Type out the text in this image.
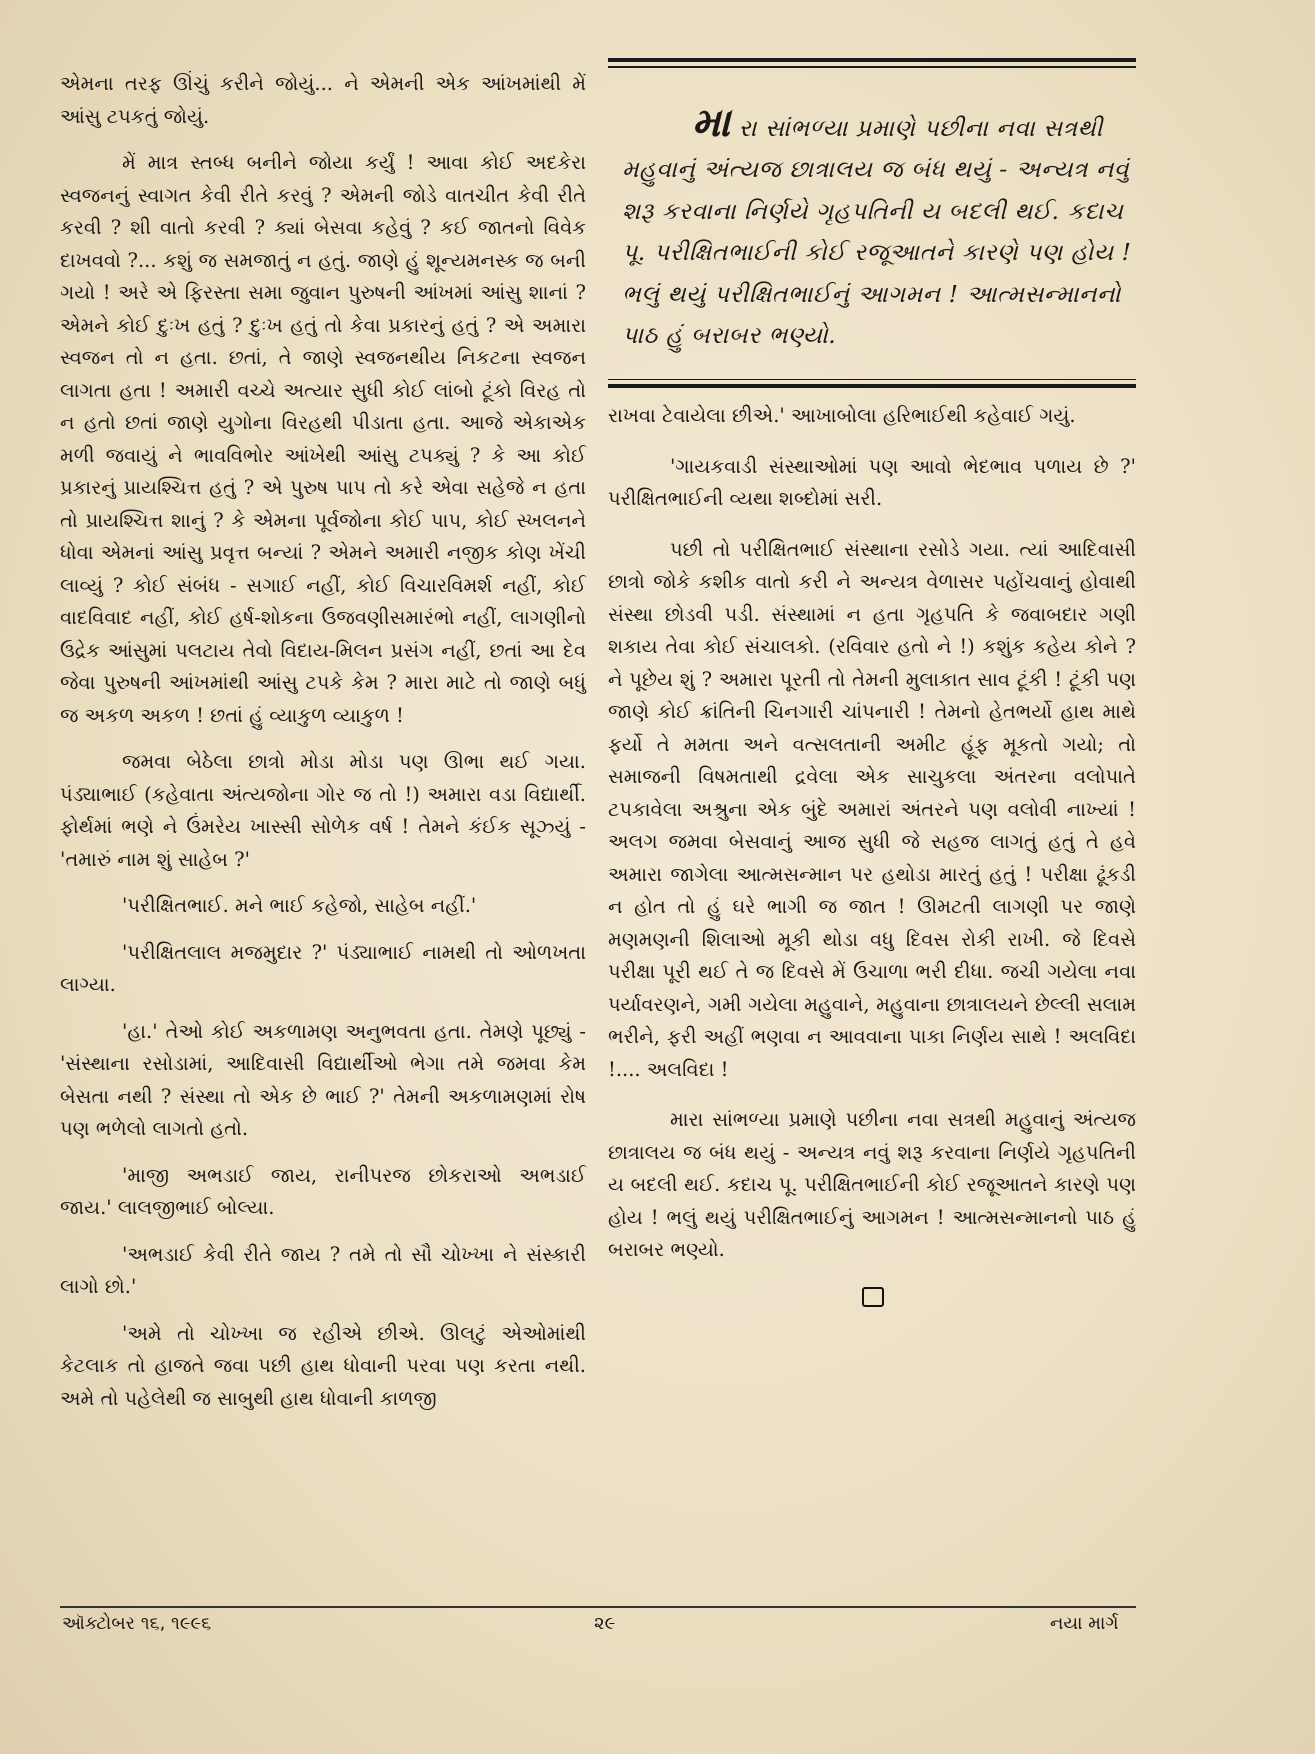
એમના તરફ ઊંચું કરીને જોયું... ને એમની એક આંખમાંથી મેં આંસુ ટપકતું જોયું.

મેં માત્ર સ્તબ્ધ બનીને જોયા કર્યું ! આવા કોઈ અદકેરા સ્વજનનું સ્વાગત કેવી રીતે કરવું ? એમની જોડે વાતચીત કેવી રીતે કરવી ? શી વાતો કરવી ? ક્યાં બેસવા કહેવું ? કઈ જાતનો વિવેક દાખવવો ?... કશું જ સમજાતું ન હતું. જાણે હું શૂન્યમનસ્ક જ બની ગયો ! અરે એ ફિરસ્તા સમા જુવાન પુરુષની આંખમાં આંસુ શાનાં ? એમને કોઈ દુઃખ હતું ? દુઃખ હતું તો કેવા પ્રકારનું હતું ? એ અમારા સ્વજન તો ન હતા. છતાં, તે જાણે સ્વજનથીય નિકટના સ્વજન લાગતા હતા ! અમારી વચ્ચે અત્યાર સુધી કોઈ લાંબો ટૂંકો વિરહ તો ન હતો છતાં જાણે યુગોના વિરહથી પીડાતા હતા. આજે એકાએક મળી જવાયું ને ભાવવિભોર આંખેથી આંસુ ટપક્યું ? કે આ કોઈ પ્રકારનું પ્રાયશ્ચિત્ત હતું ? એ પુરુષ પાપ તો કરે એવા સહેજે ન હતા તો પ્રાયશ્ચિત્ત શાનું ? કે એમના પૂર્વજોના કોઈ પાપ, કોઈ સ્ખલનને ધોવા એમનાં આંસુ પ્રવૃત્ત બન્યાં ? એમને અમારી નજીક કોણ ખેંચી લાવ્યું ? કોઈ સંબંધ - સગાઈ નહીં, કોઈ વિચારવિમર્શ નહીં, કોઈ વાદવિવાદ નહીં, કોઈ હર્ષ-શોકના ઉજવણીસમારંભો નહીં, લાગણીનો ઉદ્રેક આંસુમાં પલટાય તેવો વિદાય-મિલન પ્રસંગ નહીં, છતાં આ દેવ જેવા પુરુષની આંખમાંથી આંસુ ટપકે કેમ ? મારા માટે તો જાણે બધું જ અકળ અકળ ! છતાં હું વ્યાકુળ વ્યાકુળ !

જમવા બેઠેલા છાત્રો મોડા મોડા પણ ઊભા થઈ ગયા. પંડ્યાભાઈ (કહેવાતા અંત્યજોના ગોર જ તો !) અમારા વડા વિદ્યાર્થી. ફોર્થમાં ભણે ને ઉંમરેય ખાસ્સી સોળેક વર્ષ ! તેમને કંઈક સૂઝ્યું - 'તમારું નામ શું સાહેબ ?'

'પરીક્ષિતભાઈ. મને ભાઈ કહેજો, સાહેબ નહીં.'

'પરીક્ષિતલાલ મજમુદાર ?' પંડ્યાભાઈ નામથી તો ઓળખતા લાગ્યા.

'હા.' તેઓ કોઈ અકળામણ અનુભવતા હતા. તેમણે પૂછ્યું - 'સંસ્થાના રસોડામાં, આદિવાસી વિદ્યાર્થીઓ ભેગા તમે જમવા કેમ બેસતા નથી ? સંસ્થા તો એક છે ભાઈ ?' તેમની અકળામણમાં રોષ પણ ભળેલો લાગતો હતો.

'માજી અભડાઈ જાય, રાનીપરજ છોકરાઓ અભડાઈ જાય.' લાલજીભાઈ બોલ્યા.

'અભડાઈ કેવી રીતે જાય ? તમે તો સૌ ચોખ્ખા ને સંસ્કારી લાગો છો.'

'અમે તો ચોખ્ખા જ રહીએ છીએ. ઊલટું એઓમાંથી કેટલાક તો હાજતે જવા પછી હાથ ધોવાની પરવા પણ કરતા નથી. અમે તો પહેલેથી જ સાબુથી હાથ ધોવાની કાળજી

મા રા સાંભળ્યા પ્રમાણે પછીના નવા સત્રથી મહુવાનું અંત્યજ છાત્રાલય જ બંધ થયું - અન્યત્ર નવું શરૂ કરવાના નિર્ણયે ગૃહપતિની ય બદલી થઈ. કદાચ પૂ. પરીક્ષિતભાઈની કોઈ રજૂઆતને કારણે પણ હોય ! ભલું થયું પરીક્ષિતભાઈનું આગમન ! આત્મસન્માનનો પાઠ હું બરાબર ભણ્યો.

રાખવા ટેવાયેલા છીએ.' આખાબોલા હરિભાઈથી કહેવાઈ ગયું.

'ગાયકવાડી સંસ્થાઓમાં પણ આવો ભેદભાવ પળાય છે ?' પરીક્ષિતભાઈની વ્યથા શબ્દોમાં સરી.

પછી તો પરીક્ષિતભાઈ સંસ્થાના રસોડે ગયા. ત્યાં આદિવાસી છાત્રો જોકે કશીક વાતો કરી ને અન્યત્ર વેળાસર પહોંચવાનું હોવાથી સંસ્થા છોડવી પડી. સંસ્થામાં ન હતા ગૃહપતિ કે જવાબદાર ગણી શકાય તેવા કોઈ સંચાલકો. (રવિવાર હતો ને !) કશુંક કહેય કોને ? ને પૂછેય શું ? અમારા પૂરતી તો તેમની મુલાકાત સાવ ટૂંકી ! ટૂંકી પણ જાણે કોઈ ક્રાંતિની ચિનગારી ચાંપનારી ! તેમનો હેતભર્યો હાથ માથે ફર્યો તે મમતા અને વત્સલતાની અમીટ હૂંફ મૂકતો ગયો; તો સમાજની વિષમતાથી દ્રવેલા એક સાચુકલા અંતરના વલોપાતે ટપકાવેલા અશ્રુના એક બુંદે અમારાં અંતરને પણ વલોવી નાખ્યાં ! અલગ જમવા બેસવાનું આજ સુધી જે સહજ લાગતું હતું તે હવે અમારા જાગેલા આત્મસન્માન પર હથોડા મારતું હતું ! પરીક્ષા ઢૂંકડી ન હોત તો હું ઘરે ભાગી જ જાત ! ઊમટતી લાગણી પર જાણે મણમણની શિલાઓ મૂકી થોડા વધુ દિવસ રોકી રાખી. જે દિવસે પરીક્ષા પૂરી થઈ તે જ દિવસે મેં ઉચાળા ભરી દીધા. જચી ગયેલા નવા પર્યાવરણને, ગમી ગયેલા મહુવાને, મહુવાના છાત્રાલયને છેલ્લી સલામ ભરીને, ફરી અહીં ભણવા ન આવવાના પાકા નિર્ણય સાથે ! અલવિદા !.... અલવિદા !

મારા સાંભળ્યા પ્રમાણે પછીના નવા સત્રથી મહુવાનું અંત્યજ છાત્રાલય જ બંધ થયું - અન્યત્ર નવું શરૂ કરવાના નિર્ણયે ગૃહપતિની ય બદલી થઈ. કદાચ પૂ. પરીક્ષિતભાઈની કોઈ રજૂઆતને કારણે પણ હોય ! ભલું થયું પરીક્ષિતભાઈનું આગમન ! આત્મસન્માનનો પાઠ હું બરાબર ભણ્યો.

ઑક્ટોબર ૧૬, ૧૯૯૬	૨૯	નયા માર્ગ
